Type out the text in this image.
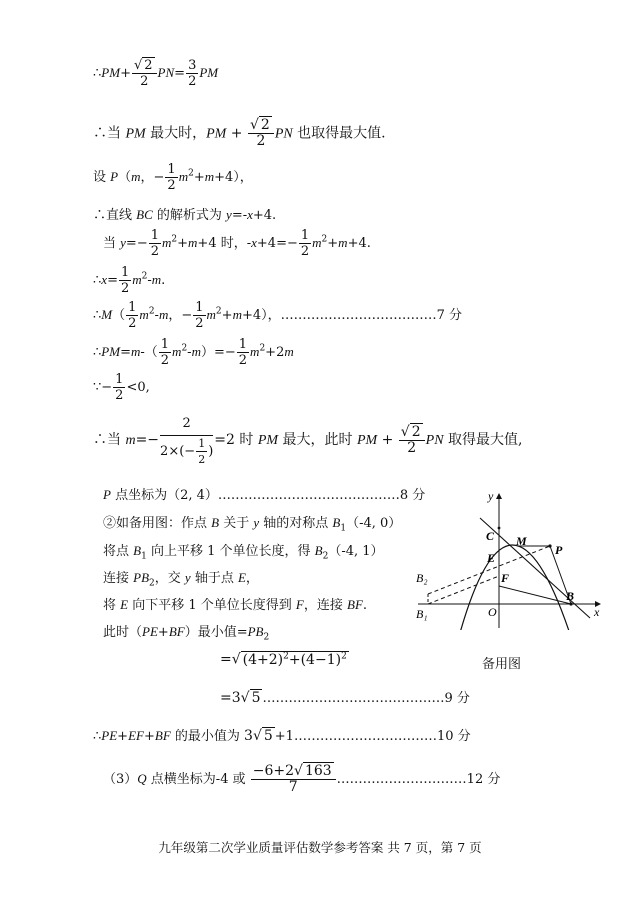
∴PM+ $\frac{√ 2}{2} PN= \frac{3}{2}$ PM
∴当 PM 最大时，PM + $\frac{√ 2}{2}$ PN 也取得最大值.
设 P（m，− $\frac{1}{2} m^2+m+4$），
∴直线 BC 的解析式为 y=-x+4.
当 $y=- \frac{1}{2} m^2+m+4$ 时，$-x+4=- \frac{1}{2} m^2+m+4$.
∴x= $\frac{1}{2} m^2-m$.
∴M（ $\frac{1}{2} m^2-m$，− $\frac{1}{2} m^2+m+4$），………………………………7 分
∴PM=m-（ $\frac{1}{2} m^2-m)=- \frac{1}{2} m^2+2m$
∵− $\frac{1}{2} <0$,
∴当 $m=- \frac{2}{2\times(- \frac{1}{2} )} =2$ 时 PM 最大，此时 PM + $\frac{√ 2}{2}$ PN 取得最大值,
P 点坐标为（2, 4）……………………………………8 分
②如备用图：作点 B 关于 y 轴的对称点 $B_1(-4$, 0）
将点 $B_1$ 向上平移 1 个单位长度，得 $B_2(-4$, 1）
连接 $PB_2$，交 y 轴于点 E，
将 E 向下平移 1 个单位长度得到 F，连接 BF.
此时（PE+BF）最小值$=PB_2$
=√ $(4+2)^2+(4-1)^2$
=3√ 5 ……………………………………9 分
∴PE+EF+BF 的最小值为 3√ 5 +1……………………………10 分
（3）Q 点横坐标为-4 或 $\frac{-6+2√ 163}{7}$ …………………………12 分
y
x
C M
P
E
F
O
B
B₂
B₁
备用图
九年级第二次学业质量评估数学参考答案 共 7 页，第 7 页
